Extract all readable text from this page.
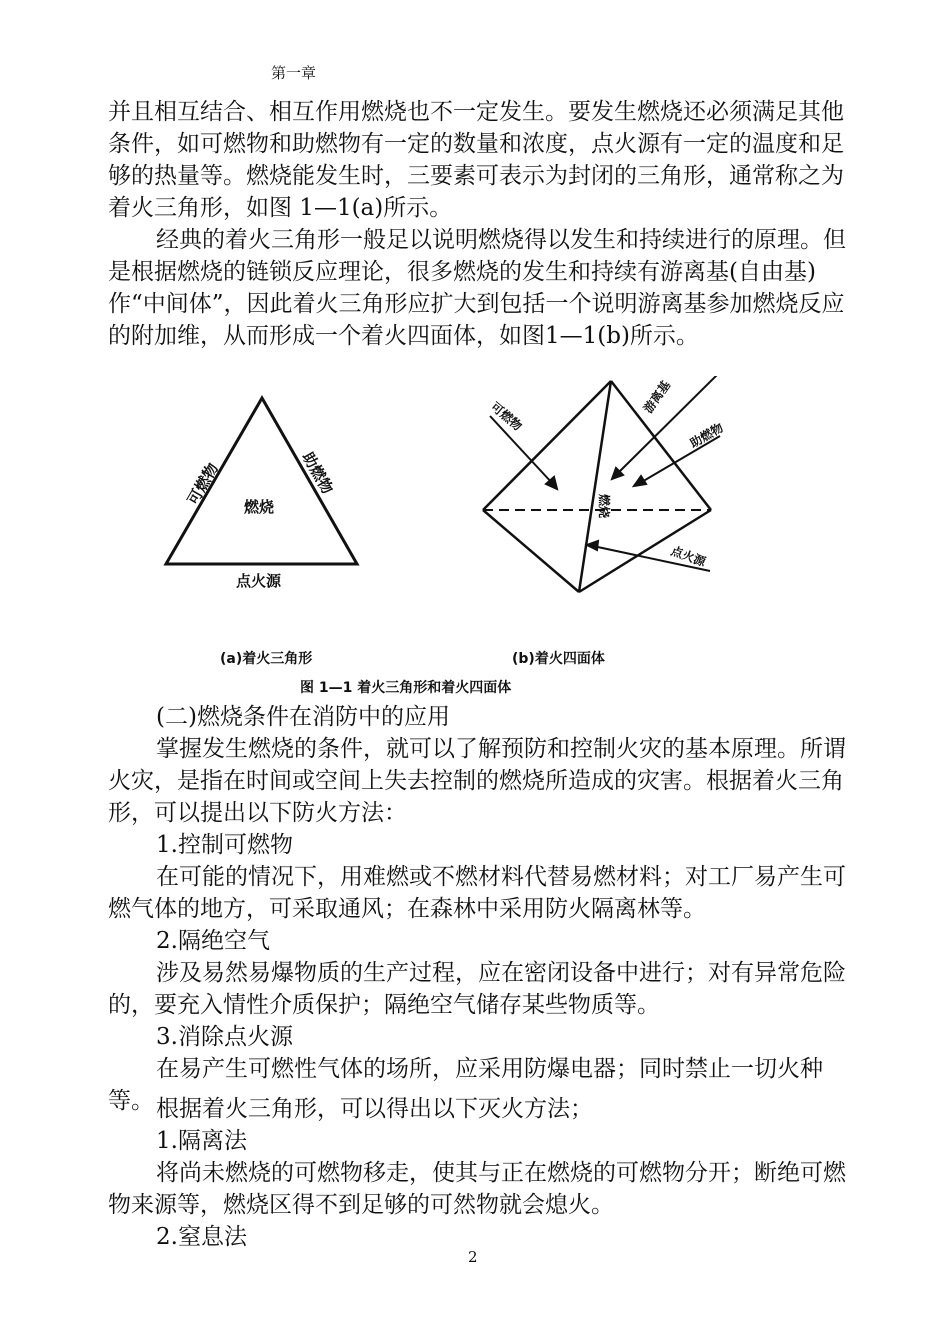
第一章

并且相互结合、相互作用燃烧也不一定发生。要发生燃烧还必须满足其他条件，如可燃物和助燃物有一定的数量和浓度，点火源有一定的温度和足够的热量等。燃烧能发生时，三要素可表示为封闭的三角形，通常称之为着火三角形，如图 1—1(a)所示。

经典的着火三角形一般足以说明燃烧得以发生和持续进行的原理。但是根据燃烧的链锁反应理论，很多燃烧的发生和持续有游离基(自由基)作“中间体”，因此着火三角形应扩大到包括一个说明游离基参加燃烧反应的附加维，从而形成一个着火四面体，如图1—1(b)所示。

可燃物	助燃物
燃烧
点火源
可燃物
游离基
助燃物
燃烧
点火源
(a)着火三角形	(b)着火四面体
图 1—1 着火三角形和着火四面体

(二)燃烧条件在消防中的应用

掌握发生燃烧的条件，就可以了解预防和控制火灾的基本原理。所谓火灾，是指在时间或空间上失去控制的燃烧所造成的灾害。根据着火三角形，可以提出以下防火方法：

1.控制可燃物

在可能的情况下，用难燃或不燃材料代替易燃材料；对工厂易产生可燃气体的地方，可采取通风；在森林中采用防火隔离林等。

2.隔绝空气

涉及易然易爆物质的生产过程，应在密闭设备中进行；对有异常危险的，要充入情性介质保护；隔绝空气储存某些物质等。

3.消除点火源

在易产生可燃性气体的场所，应采用防爆电器；同时禁止一切火种等。 根据着火三角形，可以得出以下灭火方法；

1.隔离法

将尚未燃烧的可燃物移走，使其与正在燃烧的可燃物分开；断绝可燃物来源等，燃烧区得不到足够的可然物就会熄火。

2.窒息法

2
